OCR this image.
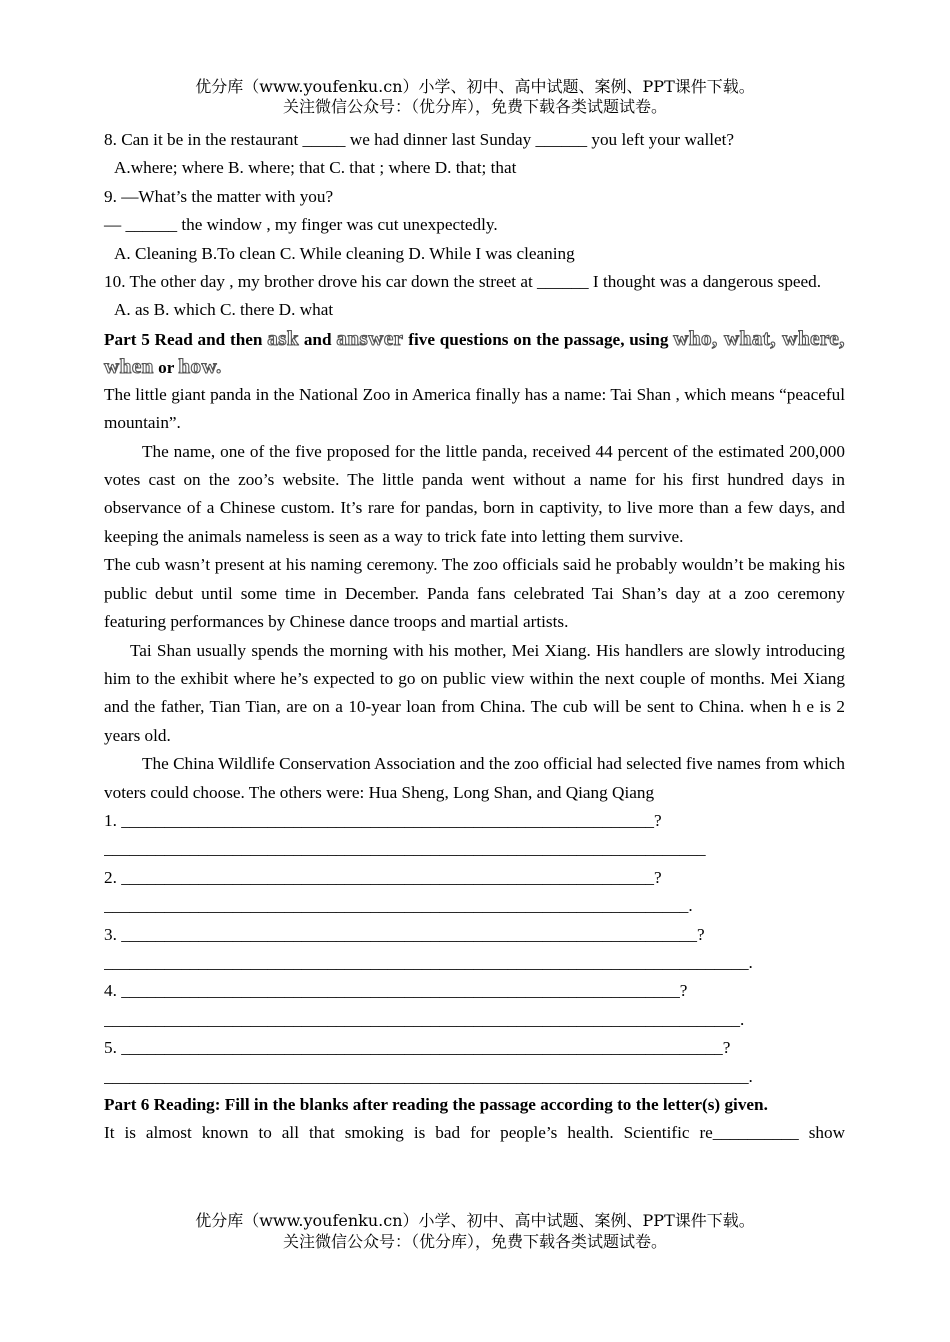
优分库（www.youfenku.cn）小学、初中、高中试题、案例、PPT课件下载。
关注微信公众号：（优分库），免费下载各类试题试卷。

8. Can it be in the restaurant _____ we had dinner last Sunday ______ you left your wallet?

A.where; where B. where; that C. that ; where D. that; that

9. —What’s the matter with you?

— ______ the window , my finger was cut unexpectedly.

A. Cleaning B.To clean C. While cleaning D. While I was cleaning

10. The other day , my brother drove his car down the street at ______ I thought was a dangerous speed.

A. as B. which C. there D. what

Part 5 Read and then ask and answer five questions on the passage, using who, what, where, when or how.

The little giant panda in the National Zoo in America finally has a name: Tai Shan , which means “peaceful mountain”.

The name, one of the five proposed for the little panda, received 44 percent of the estimated 200,000 votes cast on the zoo’s website. The little panda went without a name for his first hundred days in observance of a Chinese custom. It’s rare for pandas, born in captivity, to live more than a few days, and keeping the animals nameless is seen as a way to trick fate into letting them survive.

The cub wasn’t present at his naming ceremony. The zoo officials said he probably wouldn’t be making his public debut until some time in December. Panda fans celebrated Tai Shan’s day at a zoo ceremony featuring performances by Chinese dance troops and martial artists.

Tai Shan usually spends the morning with his mother, Mei Xiang. His handlers are slowly introducing him to the exhibit where he’s expected to go on public view within the next couple of months. Mei Xiang and the father, Tian Tian, are on a 10-year loan from China. The cub will be sent to China. when h e is 2 years old.

The China Wildlife Conservation Association and the zoo official had selected five names from which voters could choose. The others were: Hua Sheng, Long Shan, and Qiang Qiang

1. ______________________________________________________________?

______________________________________________________________________

2. ______________________________________________________________?

____________________________________________________________________.

3. ___________________________________________________________________?

___________________________________________________________________________.

4. _________________________________________________________________?

__________________________________________________________________________.

5. ______________________________________________________________________?

___________________________________________________________________________.

Part 6 Reading: Fill in the blanks after reading the passage according to the letter(s) given.

It is almost known to all that smoking is bad for people’s health. Scientific re__________ show

优分库（www.youfenku.cn）小学、初中、高中试题、案例、PPT课件下载。
关注微信公众号：（优分库），免费下载各类试题试卷。
